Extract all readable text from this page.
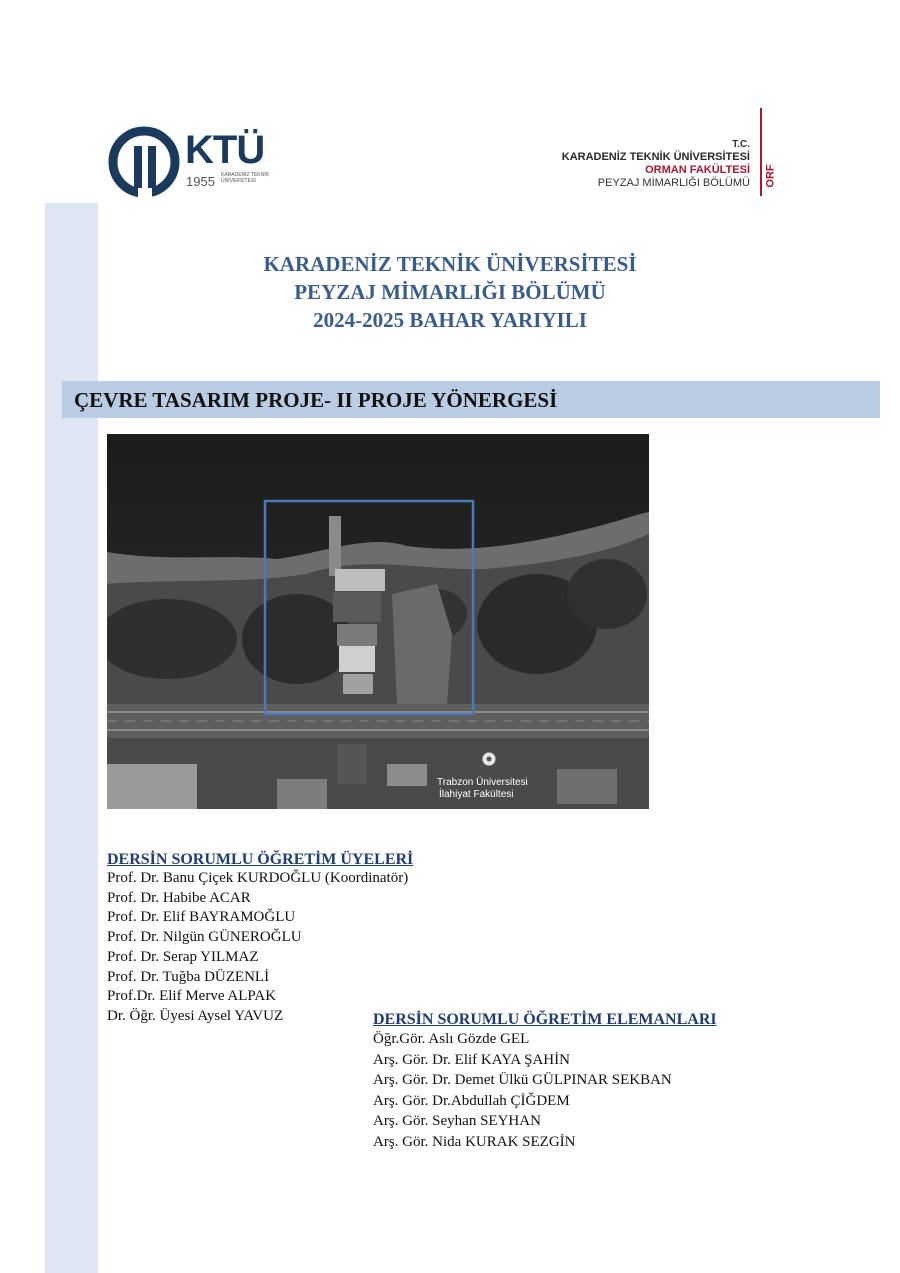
KTÜ
1955 KARADENİZ TEKNİK ÜNİVERSİTESİ
T.C.
KARADENİZ TEKNİK ÜNİVERSİTESİ
ORMAN FAKÜLTESİ
PEYZAJ MİMARLIĞI BÖLÜMÜ ORF
KARADENİZ TEKNİK ÜNİVERSİTESİ
PEYZAJ MİMARLIĞI BÖLÜMÜ
2024-2025 BAHAR YARIYILI
ÇEVRE TASARIM PROJE- II PROJE YÖNERGESİ
Trabzon Üniversitesi
İlahiyat Fakültesi
DERSİN SORUMLU ÖĞRETİM ÜYELERİ
Prof. Dr. Banu Çiçek KURDOĞLU (Koordinatör)
Prof. Dr. Habibe ACAR
Prof. Dr. Elif BAYRAMOĞLU
Prof. Dr. Nilgün GÜNEROĞLU
Prof. Dr. Serap YILMAZ
Prof. Dr. Tuğba DÜZENLİ
Prof.Dr. Elif Merve ALPAK
Dr. Öğr. Üyesi Aysel YAVUZ	DERSİN SORUMLU ÖĞRETİM ELEMANLARI
Öğr.Gör. Aslı Gözde GEL
Arş. Gör. Dr. Elif KAYA ŞAHİN
Arş. Gör. Dr. Demet Ülkü GÜLPINAR SEKBAN
Arş. Gör. Dr.Abdullah ÇİĞDEM
Arş. Gör. Seyhan SEYHAN
Arş. Gör. Nida KURAK SEZGİN
